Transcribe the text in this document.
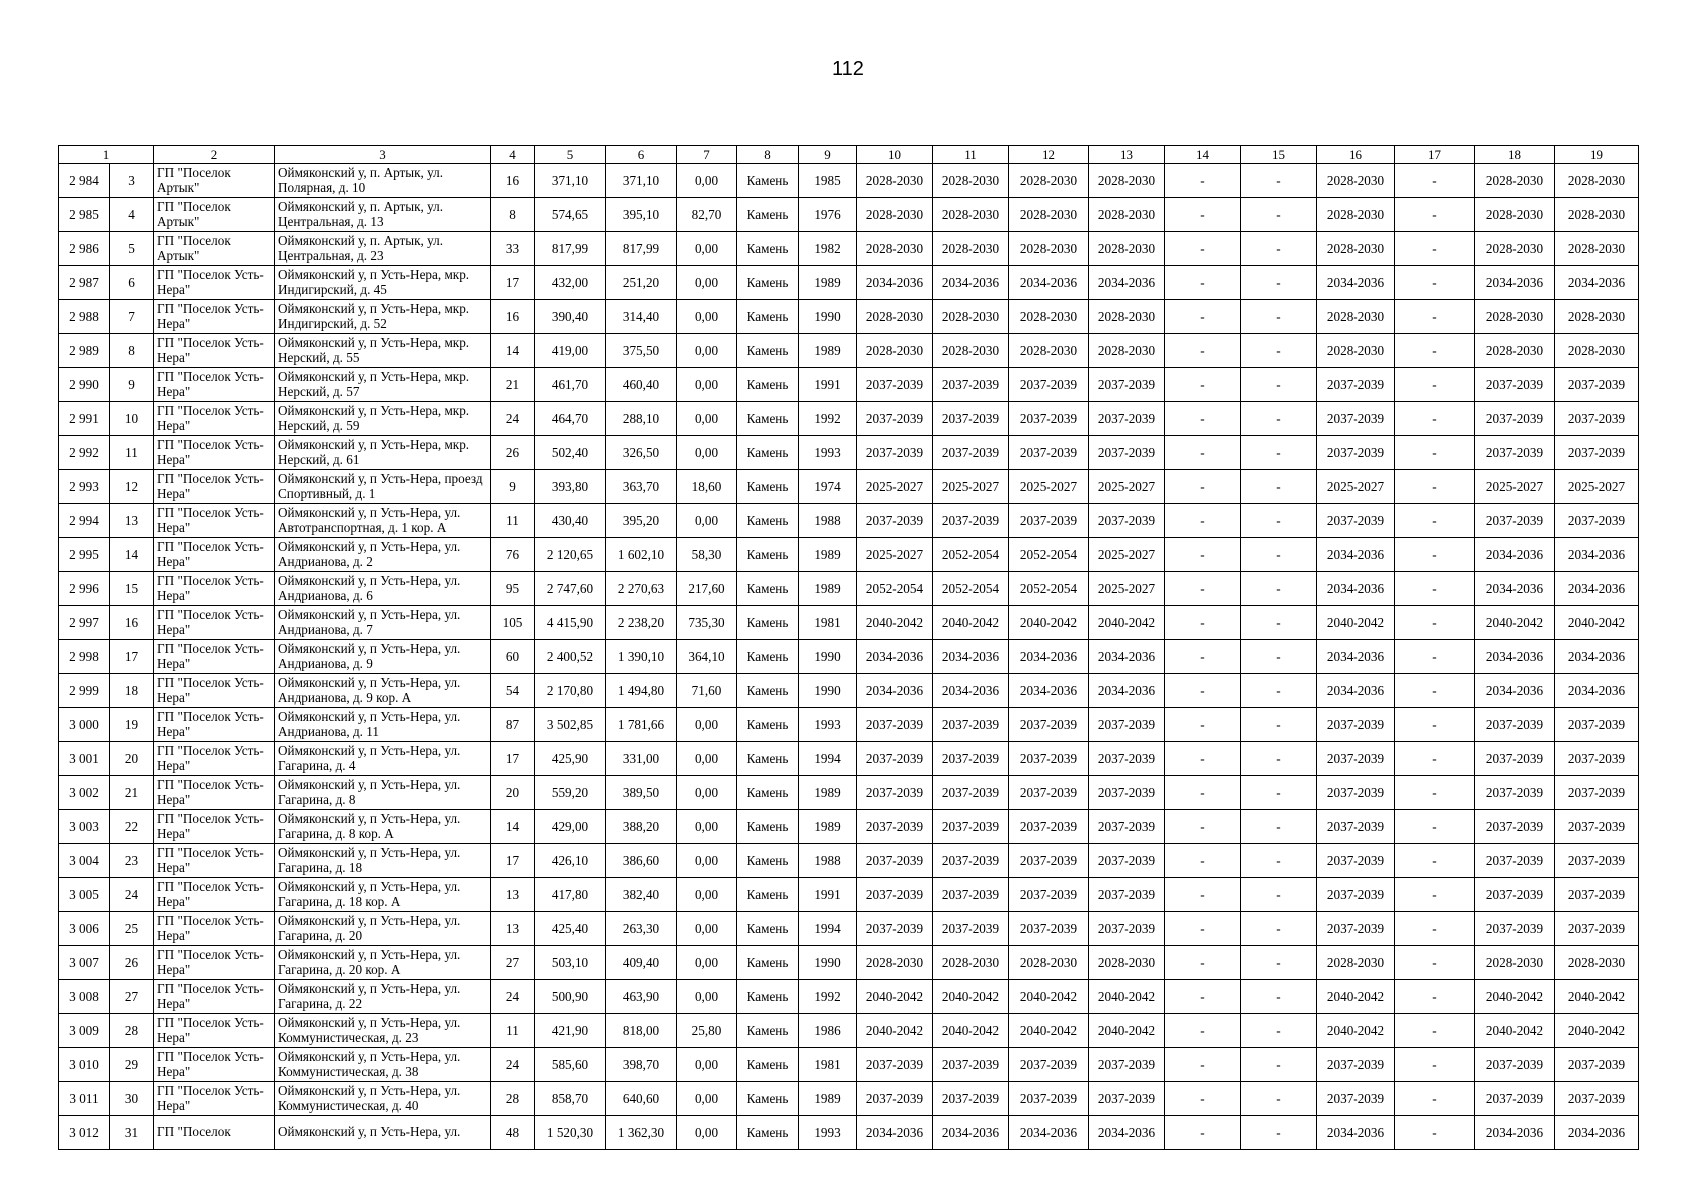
112
1		2	3	4	5	6	7	8	9	10	11	12	13	14	15	16	17	18	19
2 984	3	ГП "Поселок Артык"	Оймяконский у, п. Артык, ул. Полярная, д. 10	16	371,10	371,10	0,00	Камень	1985	2028-2030	2028-2030	2028-2030	2028-2030	-	-	2028-2030	-	2028-2030	2028-2030
2 985	4	ГП "Поселок Артык"	Оймяконский у, п. Артык, ул. Центральная, д. 13	8	574,65	395,10	82,70	Камень	1976	2028-2030	2028-2030	2028-2030	2028-2030	-	-	2028-2030	-	2028-2030	2028-2030
2 986	5	ГП "Поселок Артык"	Оймяконский у, п. Артык, ул. Центральная, д. 23	33	817,99	817,99	0,00	Камень	1982	2028-2030	2028-2030	2028-2030	2028-2030	-	-	2028-2030	-	2028-2030	2028-2030
2 987	6	ГП "Поселок Усть-Нера"	Оймяконский у, п Усть-Нера, мкр. Индигирский, д. 45	17	432,00	251,20	0,00	Камень	1989	2034-2036	2034-2036	2034-2036	2034-2036	-	-	2034-2036	-	2034-2036	2034-2036
2 988	7	ГП "Поселок Усть-Нера"	Оймяконский у, п Усть-Нера, мкр. Индигирский, д. 52	16	390,40	314,40	0,00	Камень	1990	2028-2030	2028-2030	2028-2030	2028-2030	-	-	2028-2030	-	2028-2030	2028-2030
2 989	8	ГП "Поселок Усть-Нера"	Оймяконский у, п Усть-Нера, мкр. Нерский, д. 55	14	419,00	375,50	0,00	Камень	1989	2028-2030	2028-2030	2028-2030	2028-2030	-	-	2028-2030	-	2028-2030	2028-2030
2 990	9	ГП "Поселок Усть-Нера"	Оймяконский у, п Усть-Нера, мкр. Нерский, д. 57	21	461,70	460,40	0,00	Камень	1991	2037-2039	2037-2039	2037-2039	2037-2039	-	-	2037-2039	-	2037-2039	2037-2039
2 991	10	ГП "Поселок Усть-Нера"	Оймяконский у, п Усть-Нера, мкр. Нерский, д. 59	24	464,70	288,10	0,00	Камень	1992	2037-2039	2037-2039	2037-2039	2037-2039	-	-	2037-2039	-	2037-2039	2037-2039
2 992	11	ГП "Поселок Усть-Нера"	Оймяконский у, п Усть-Нера, мкр. Нерский, д. 61	26	502,40	326,50	0,00	Камень	1993	2037-2039	2037-2039	2037-2039	2037-2039	-	-	2037-2039	-	2037-2039	2037-2039
2 993	12	ГП "Поселок Усть-Нера"	Оймяконский у, п Усть-Нера, проезд Спортивный, д. 1	9	393,80	363,70	18,60	Камень	1974	2025-2027	2025-2027	2025-2027	2025-2027	-	-	2025-2027	-	2025-2027	2025-2027
2 994	13	ГП "Поселок Усть-Нера"	Оймяконский у, п Усть-Нера, ул. Автотранспортная, д. 1 кор. А	11	430,40	395,20	0,00	Камень	1988	2037-2039	2037-2039	2037-2039	2037-2039	-	-	2037-2039	-	2037-2039	2037-2039
2 995	14	ГП "Поселок Усть-Нера"	Оймяконский у, п Усть-Нера, ул. Андрианова, д. 2	76	2 120,65	1 602,10	58,30	Камень	1989	2025-2027	2052-2054	2052-2054	2025-2027	-	-	2034-2036	-	2034-2036	2034-2036
2 996	15	ГП "Поселок Усть-Нера"	Оймяконский у, п Усть-Нера, ул. Андрианова, д. 6	95	2 747,60	2 270,63	217,60	Камень	1989	2052-2054	2052-2054	2052-2054	2025-2027	-	-	2034-2036	-	2034-2036	2034-2036
2 997	16	ГП "Поселок Усть-Нера"	Оймяконский у, п Усть-Нера, ул. Андрианова, д. 7	105	4 415,90	2 238,20	735,30	Камень	1981	2040-2042	2040-2042	2040-2042	2040-2042	-	-	2040-2042	-	2040-2042	2040-2042
2 998	17	ГП "Поселок Усть-Нера"	Оймяконский у, п Усть-Нера, ул. Андрианова, д. 9	60	2 400,52	1 390,10	364,10	Камень	1990	2034-2036	2034-2036	2034-2036	2034-2036	-	-	2034-2036	-	2034-2036	2034-2036
2 999	18	ГП "Поселок Усть-Нера"	Оймяконский у, п Усть-Нера, ул. Андрианова, д. 9 кор. А	54	2 170,80	1 494,80	71,60	Камень	1990	2034-2036	2034-2036	2034-2036	2034-2036	-	-	2034-2036	-	2034-2036	2034-2036
3 000	19	ГП "Поселок Усть-Нера"	Оймяконский у, п Усть-Нера, ул. Андрианова, д. 11	87	3 502,85	1 781,66	0,00	Камень	1993	2037-2039	2037-2039	2037-2039	2037-2039	-	-	2037-2039	-	2037-2039	2037-2039
3 001	20	ГП "Поселок Усть-Нера"	Оймяконский у, п Усть-Нера, ул. Гагарина, д. 4	17	425,90	331,00	0,00	Камень	1994	2037-2039	2037-2039	2037-2039	2037-2039	-	-	2037-2039	-	2037-2039	2037-2039
3 002	21	ГП "Поселок Усть-Нера"	Оймяконский у, п Усть-Нера, ул. Гагарина, д. 8	20	559,20	389,50	0,00	Камень	1989	2037-2039	2037-2039	2037-2039	2037-2039	-	-	2037-2039	-	2037-2039	2037-2039
3 003	22	ГП "Поселок Усть-Нера"	Оймяконский у, п Усть-Нера, ул. Гагарина, д. 8 кор. А	14	429,00	388,20	0,00	Камень	1989	2037-2039	2037-2039	2037-2039	2037-2039	-	-	2037-2039	-	2037-2039	2037-2039
3 004	23	ГП "Поселок Усть-Нера"	Оймяконский у, п Усть-Нера, ул. Гагарина, д. 18	17	426,10	386,60	0,00	Камень	1988	2037-2039	2037-2039	2037-2039	2037-2039	-	-	2037-2039	-	2037-2039	2037-2039
3 005	24	ГП "Поселок Усть-Нера"	Оймяконский у, п Усть-Нера, ул. Гагарина, д. 18 кор. А	13	417,80	382,40	0,00	Камень	1991	2037-2039	2037-2039	2037-2039	2037-2039	-	-	2037-2039	-	2037-2039	2037-2039
3 006	25	ГП "Поселок Усть-Нера"	Оймяконский у, п Усть-Нера, ул. Гагарина, д. 20	13	425,40	263,30	0,00	Камень	1994	2037-2039	2037-2039	2037-2039	2037-2039	-	-	2037-2039	-	2037-2039	2037-2039
3 007	26	ГП "Поселок Усть-Нера"	Оймяконский у, п Усть-Нера, ул. Гагарина, д. 20 кор. А	27	503,10	409,40	0,00	Камень	1990	2028-2030	2028-2030	2028-2030	2028-2030	-	-	2028-2030	-	2028-2030	2028-2030
3 008	27	ГП "Поселок Усть-Нера"	Оймяконский у, п Усть-Нера, ул. Гагарина, д. 22	24	500,90	463,90	0,00	Камень	1992	2040-2042	2040-2042	2040-2042	2040-2042	-	-	2040-2042	-	2040-2042	2040-2042
3 009	28	ГП "Поселок Усть-Нера"	Оймяконский у, п Усть-Нера, ул. Коммунистическая, д. 23	11	421,90	818,00	25,80	Камень	1986	2040-2042	2040-2042	2040-2042	2040-2042	-	-	2040-2042	-	2040-2042	2040-2042
3 010	29	ГП "Поселок Усть-Нера"	Оймяконский у, п Усть-Нера, ул. Коммунистическая, д. 38	24	585,60	398,70	0,00	Камень	1981	2037-2039	2037-2039	2037-2039	2037-2039	-	-	2037-2039	-	2037-2039	2037-2039
3 011	30	ГП "Поселок Усть-Нера"	Оймяконский у, п Усть-Нера, ул. Коммунистическая, д. 40	28	858,70	640,60	0,00	Камень	1989	2037-2039	2037-2039	2037-2039	2037-2039	-	-	2037-2039	-	2037-2039	2037-2039
3 012	31	ГП "Поселок	Оймяконский у, п Усть-Нера, ул.	48	1 520,30	1 362,30	0,00	Камень	1993	2034-2036	2034-2036	2034-2036	2034-2036	-	-	2034-2036	-	2034-2036	2034-2036
